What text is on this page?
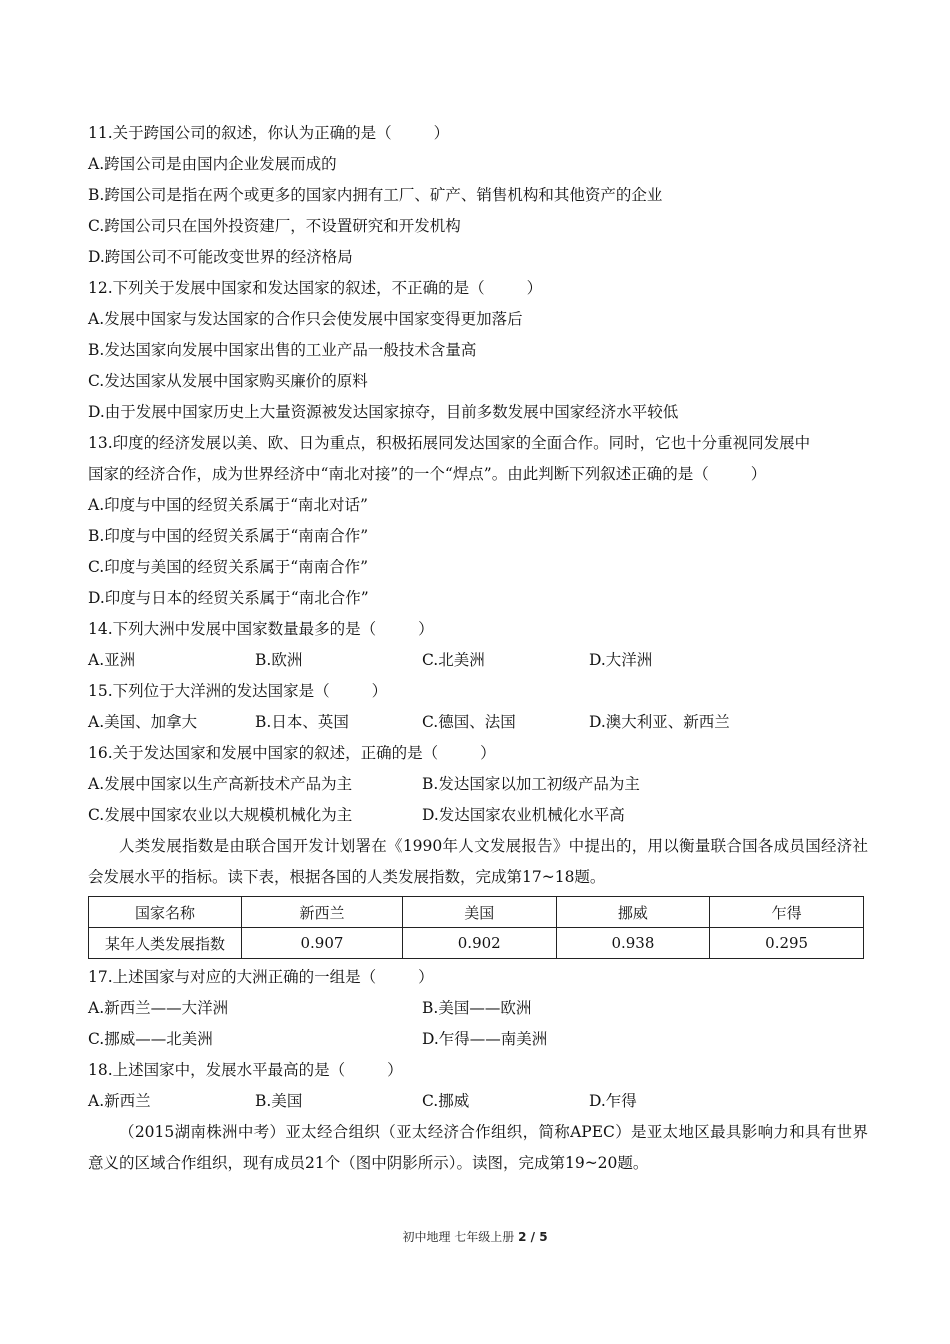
11.关于跨国公司的叙述，你认为正确的是（	）
A.跨国公司是由国内企业发展而成的
B.跨国公司是指在两个或更多的国家内拥有工厂、矿产、销售机构和其他资产的企业
C.跨国公司只在国外投资建厂，不设置研究和开发机构
D.跨国公司不可能改变世界的经济格局
12.下列关于发展中国家和发达国家的叙述，不正确的是（	）
A.发展中国家与发达国家的合作只会使发展中国家变得更加落后
B.发达国家向发展中国家出售的工业产品一般技术含量高
C.发达国家从发展中国家购买廉价的原料
D.由于发展中国家历史上大量资源被发达国家掠夺，目前多数发展中国家经济水平较低
13.印度的经济发展以美、欧、日为重点，积极拓展同发达国家的全面合作。同时，它也十分重视同发展中
国家的经济合作，成为世界经济中“南北对接”的一个“焊点”。由此判断下列叙述正确的是（	）
A.印度与中国的经贸关系属于“南北对话”
B.印度与中国的经贸关系属于“南南合作”
C.印度与美国的经贸关系属于“南南合作”
D.印度与日本的经贸关系属于“南北合作”
14.下列大洲中发展中国家数量最多的是（	）
A.亚洲	B.欧洲	C.北美洲	D.大洋洲
15.下列位于大洋洲的发达国家是（	）
A.美国、加拿大	B.日本、英国	C.德国、法国	D.澳大利亚、新西兰
16.关于发达国家和发展中国家的叙述，正确的是（	）
A.发展中国家以生产高新技术产品为主	B.发达国家以加工初级产品为主
C.发展中国家农业以大规模机械化为主	D.发达国家农业机械化水平高
人类发展指数是由联合国开发计划署在《1990年人文发展报告》中提出的，用以衡量联合国各成员国经济社会发展水平的指标。读下表，根据各国的人类发展指数，完成第17~18题。
国家名称	新西兰	美国	挪威	乍得
某年人类发展指数	0.907	0.902	0.938	0.295
17.上述国家与对应的大洲正确的一组是（	）
A.新西兰——大洋洲	B.美国——欧洲
C.挪威——北美洲	D.乍得——南美洲
18.上述国家中，发展水平最高的是（	）
A.新西兰	B.美国	C.挪威	D.乍得
（2015湖南株洲中考）亚太经合组织（亚太经济合作组织，简称APEC）是亚太地区最具影响力和具有世界意义的区域合作组织，现有成员21个（图中阴影所示）。读图，完成第19~20题。
初中地理 七年级上册 2 / 5
